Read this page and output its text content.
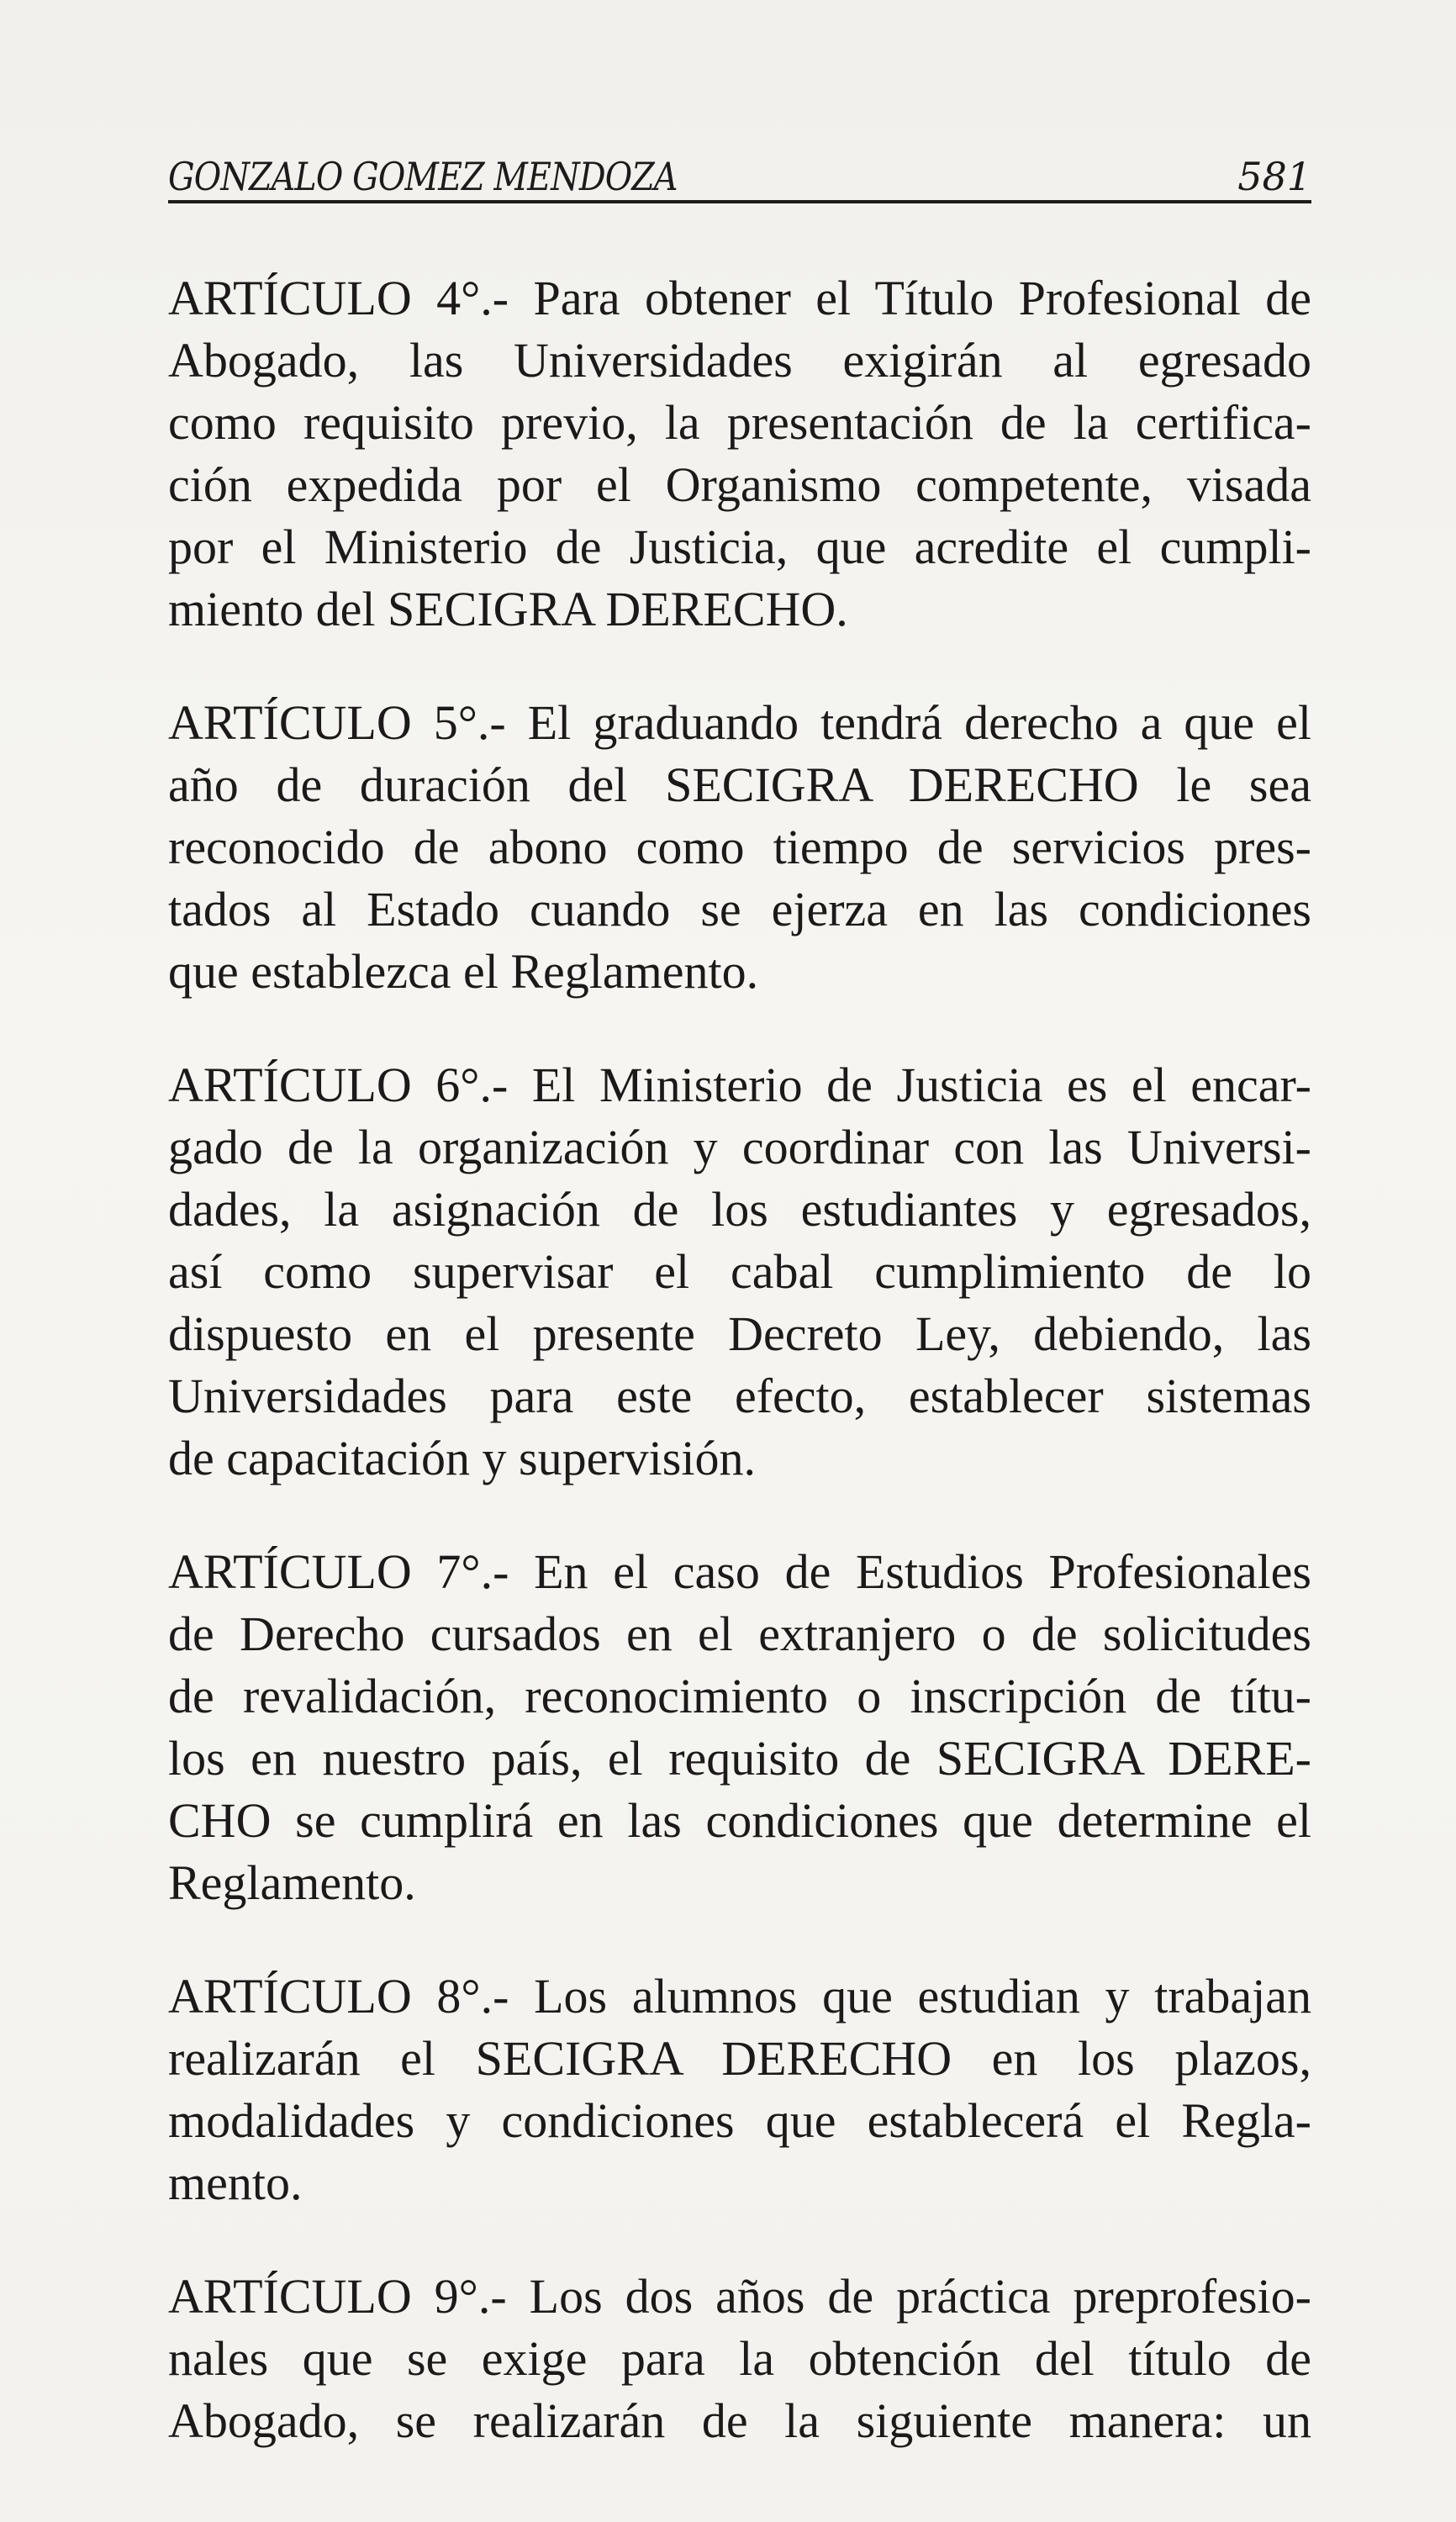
GONZALO GOMEZ MENDOZA	581
ARTÍCULO 4°.- Para obtener el Título Profesional de
Abogado, las Universidades exigirán al egresado
como requisito previo, la presentación de la certifica-
ción expedida por el Organismo competente, visada
por el Ministerio de Justicia, que acredite el cumpli-
miento del SECIGRA DERECHO.
ARTÍCULO 5°.- El graduando tendrá derecho a que el
año de duración del SECIGRA DERECHO le sea
reconocido de abono como tiempo de servicios pres-
tados al Estado cuando se ejerza en las condiciones
que establezca el Reglamento.
ARTÍCULO 6°.- El Ministerio de Justicia es el encar-
gado de la organización y coordinar con las Universi-
dades, la asignación de los estudiantes y egresados,
así como supervisar el cabal cumplimiento de lo
dispuesto en el presente Decreto Ley, debiendo, las
Universidades para este efecto, establecer sistemas
de capacitación y supervisión.
ARTÍCULO 7°.- En el caso de Estudios Profesionales
de Derecho cursados en el extranjero o de solicitudes
de revalidación, reconocimiento o inscripción de títu-
los en nuestro país, el requisito de SECIGRA DERE-
CHO se cumplirá en las condiciones que determine el
Reglamento.
ARTÍCULO 8°.- Los alumnos que estudian y trabajan
realizarán el SECIGRA DERECHO en los plazos,
modalidades y condiciones que establecerá el Regla-
mento.
ARTÍCULO 9°.- Los dos años de práctica preprofesio-
nales que se exige para la obtención del título de
Abogado, se realizarán de la siguiente manera: un
